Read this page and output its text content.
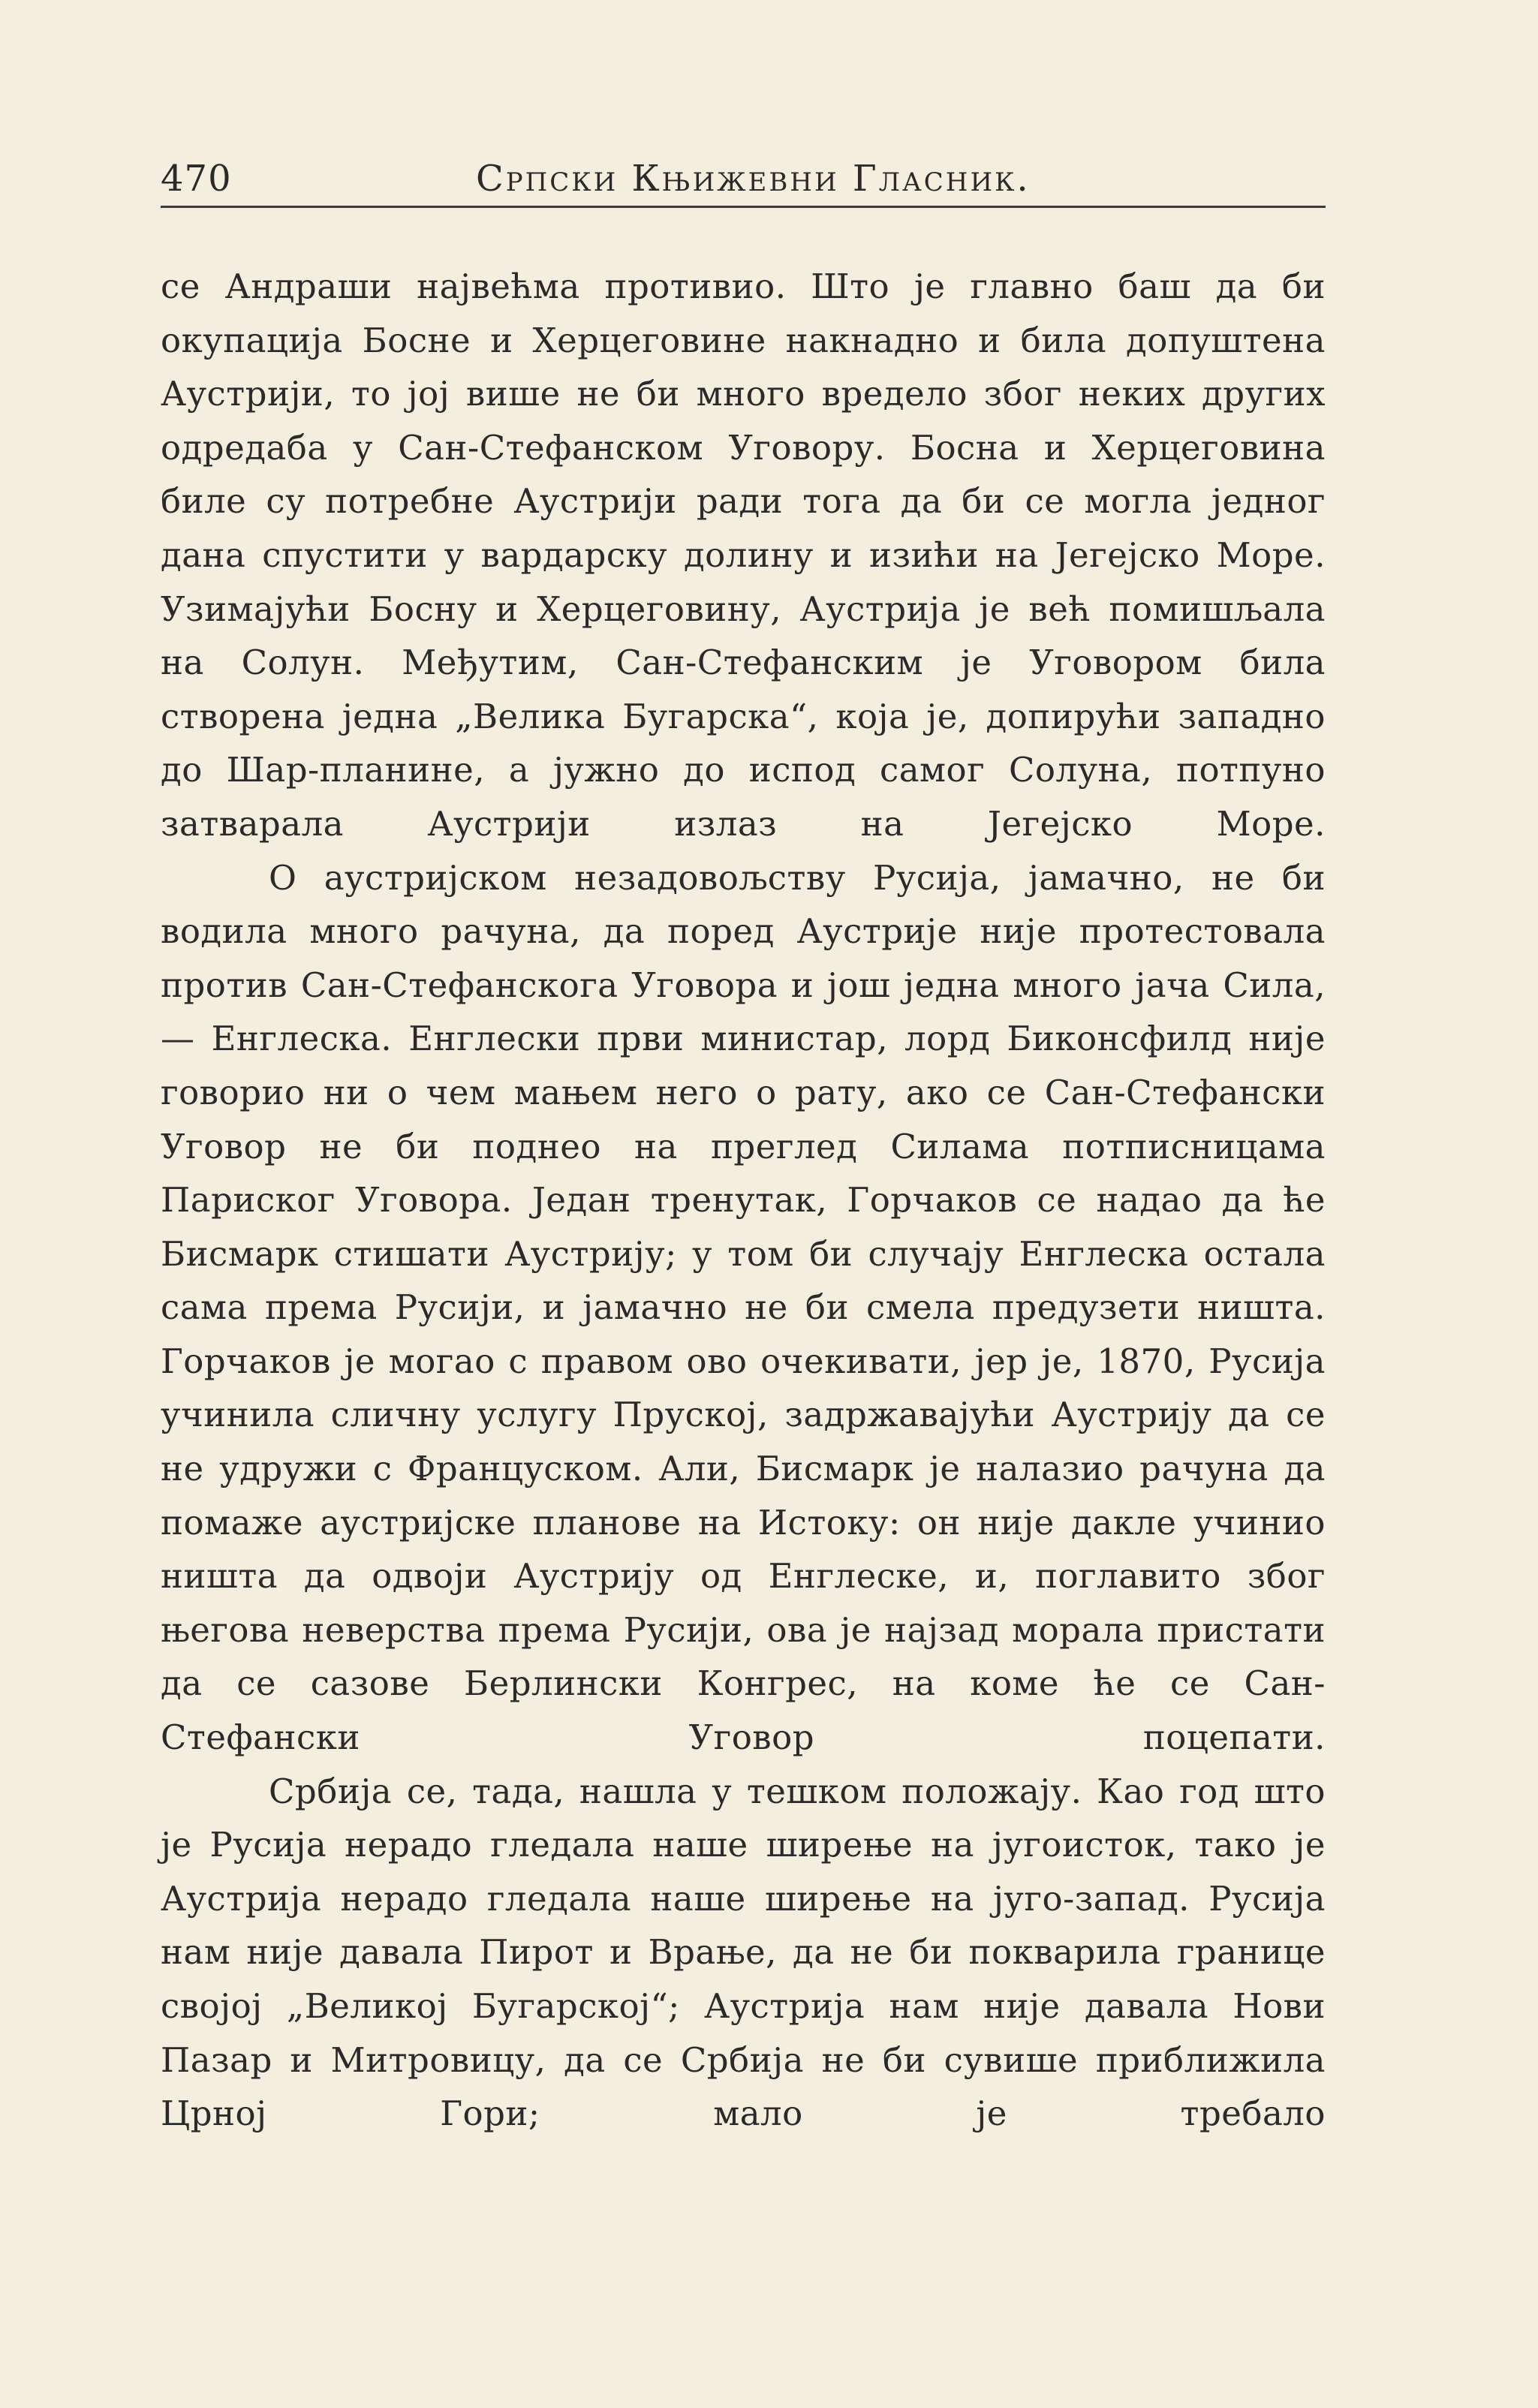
470	Српски Књижевни Гласник.

се Андраши највећма противио. Што је главно баш да би окупација Босне и Херцеговине накнадно и била допуштена Аустрији, то јој више не би много вредело због неких других одредаба у Сан-Стефанском Уговору. Босна и Херцеговина биле су потребне Аустрији ради тога да би се могла једног дана спустити у вардарску долину и изићи на Јегејско Море. Узимајући Босну и Херцеговину, Аустрија је већ помишљала на Солун. Међутим, Сан-Стефанским је Уговором била створена једна „Велика Бугарска“, која је, допирући западно до Шар-планине, а јужно до испод самог Солуна, потпуно затварала Аустрији излаз на Јегејско Море.

О аустријском незадовољству Русија, јамачно, не би водила много рачуна, да поред Аустрије није протестовала против Сан-Стефанскога Уговора и још једна много јача Сила, — Енглеска. Енглески први министар, лорд Биконсфилд није говорио ни о чем мањем него о рату, ако се Сан-Стефански Уговор не би поднео на преглед Силама потписницама Париског Уговора. Један тренутак, Горчаков се надао да ће Бисмарк стишати Аустрију; у том би случају Енглеска остала сама према Русији, и јамачно не би смела предузети ништа. Горчаков је могао с правом ово очекивати, јер је, 1870, Русија учинила сличну услугу Пруској, задржавајући Аустрију да се не удружи с Француском. Али, Бисмарк је налазио рачуна да помаже аустријске планове на Истоку: он није дакле учинио ништа да одвоји Аустрију од Енглеске, и, поглавито због његова неверства према Русији, ова је најзад морала пристати да се сазове Берлински Конгрес, на коме ће се Сан-Стефански Уговор поцепати.

Србија се, тада, нашла у тешком положају. Као год што је Русија нерадо гледала наше ширење на југоисток, тако је Аустрија нерадо гледала наше ширење на југо-запад. Русија нам није давала Пирот и Врање, да не би покварила границе својој „Великој Бугарској“; Аустрија нам није давала Нови Пазар и Митровицу, да се Србија не би сувише приближила Црној Гори; мало је требало
